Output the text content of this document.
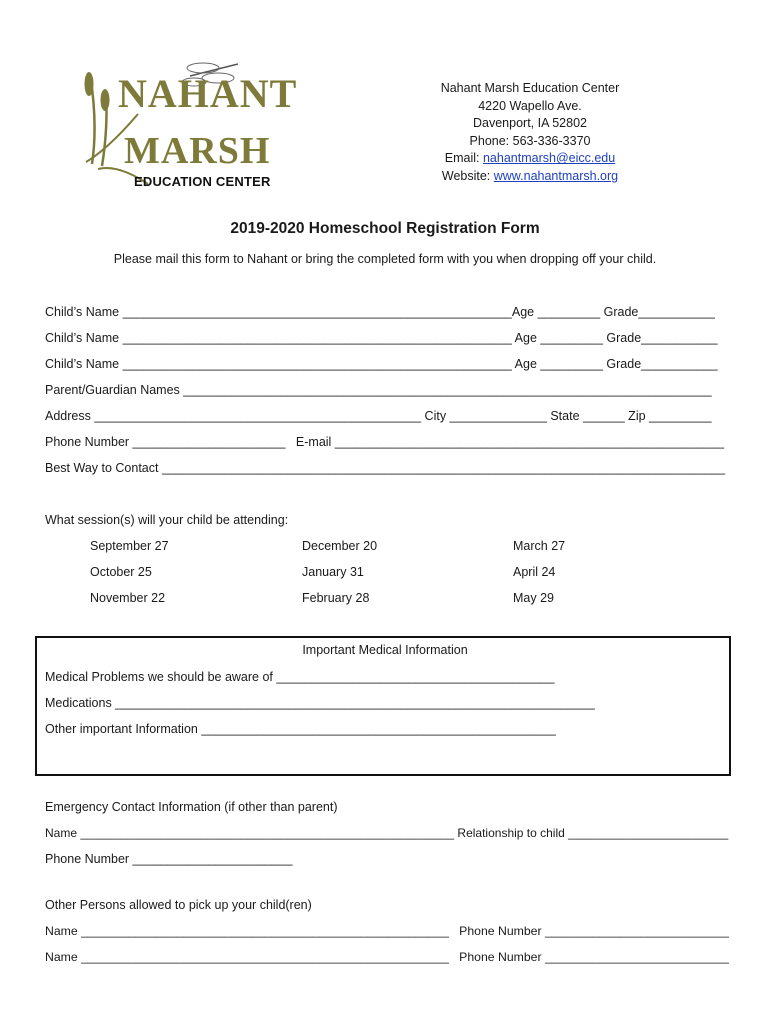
NAHANT
MARSH
EDUCATION CENTER
Nahant Marsh Education Center
4220 Wapello Ave.
Davenport, IA 52802
Phone: 563-336-3370
Email: nahantmarsh@eicc.edu
Website: www.nahantmarsh.org
2019-2020 Homeschool Registration Form
Please mail this form to Nahant or bring the completed form with you when dropping off your child.
Child’s Name ________________________________________________________Age _________ Grade___________
Child’s Name ________________________________________________________ Age _________ Grade___________
Child’s Name ________________________________________________________ Age _________ Grade___________
Parent/Guardian Names ____________________________________________________________________________
Address _______________________________________________ City ______________ State ______ Zip _________
Phone Number ______________________   E-mail ________________________________________________________
Best Way to Contact _________________________________________________________________________________
What session(s) will your child be attending:
September 27
October 25
November 22
December 20
January 31
February 28
March 27
April 24
May 29
Important Medical Information
Medical Problems we should be aware of ________________________________________
Medications _____________________________________________________________________
Other important Information ___________________________________________________
Emergency Contact Information (if other than parent)
Name ________________________________________________________ Relationship to child ________________________
Phone Number _______________________
Other Persons allowed to pick up your child(ren)
Name ______________________________________________________   Phone Number ___________________________
Name ______________________________________________________   Phone Number ___________________________
